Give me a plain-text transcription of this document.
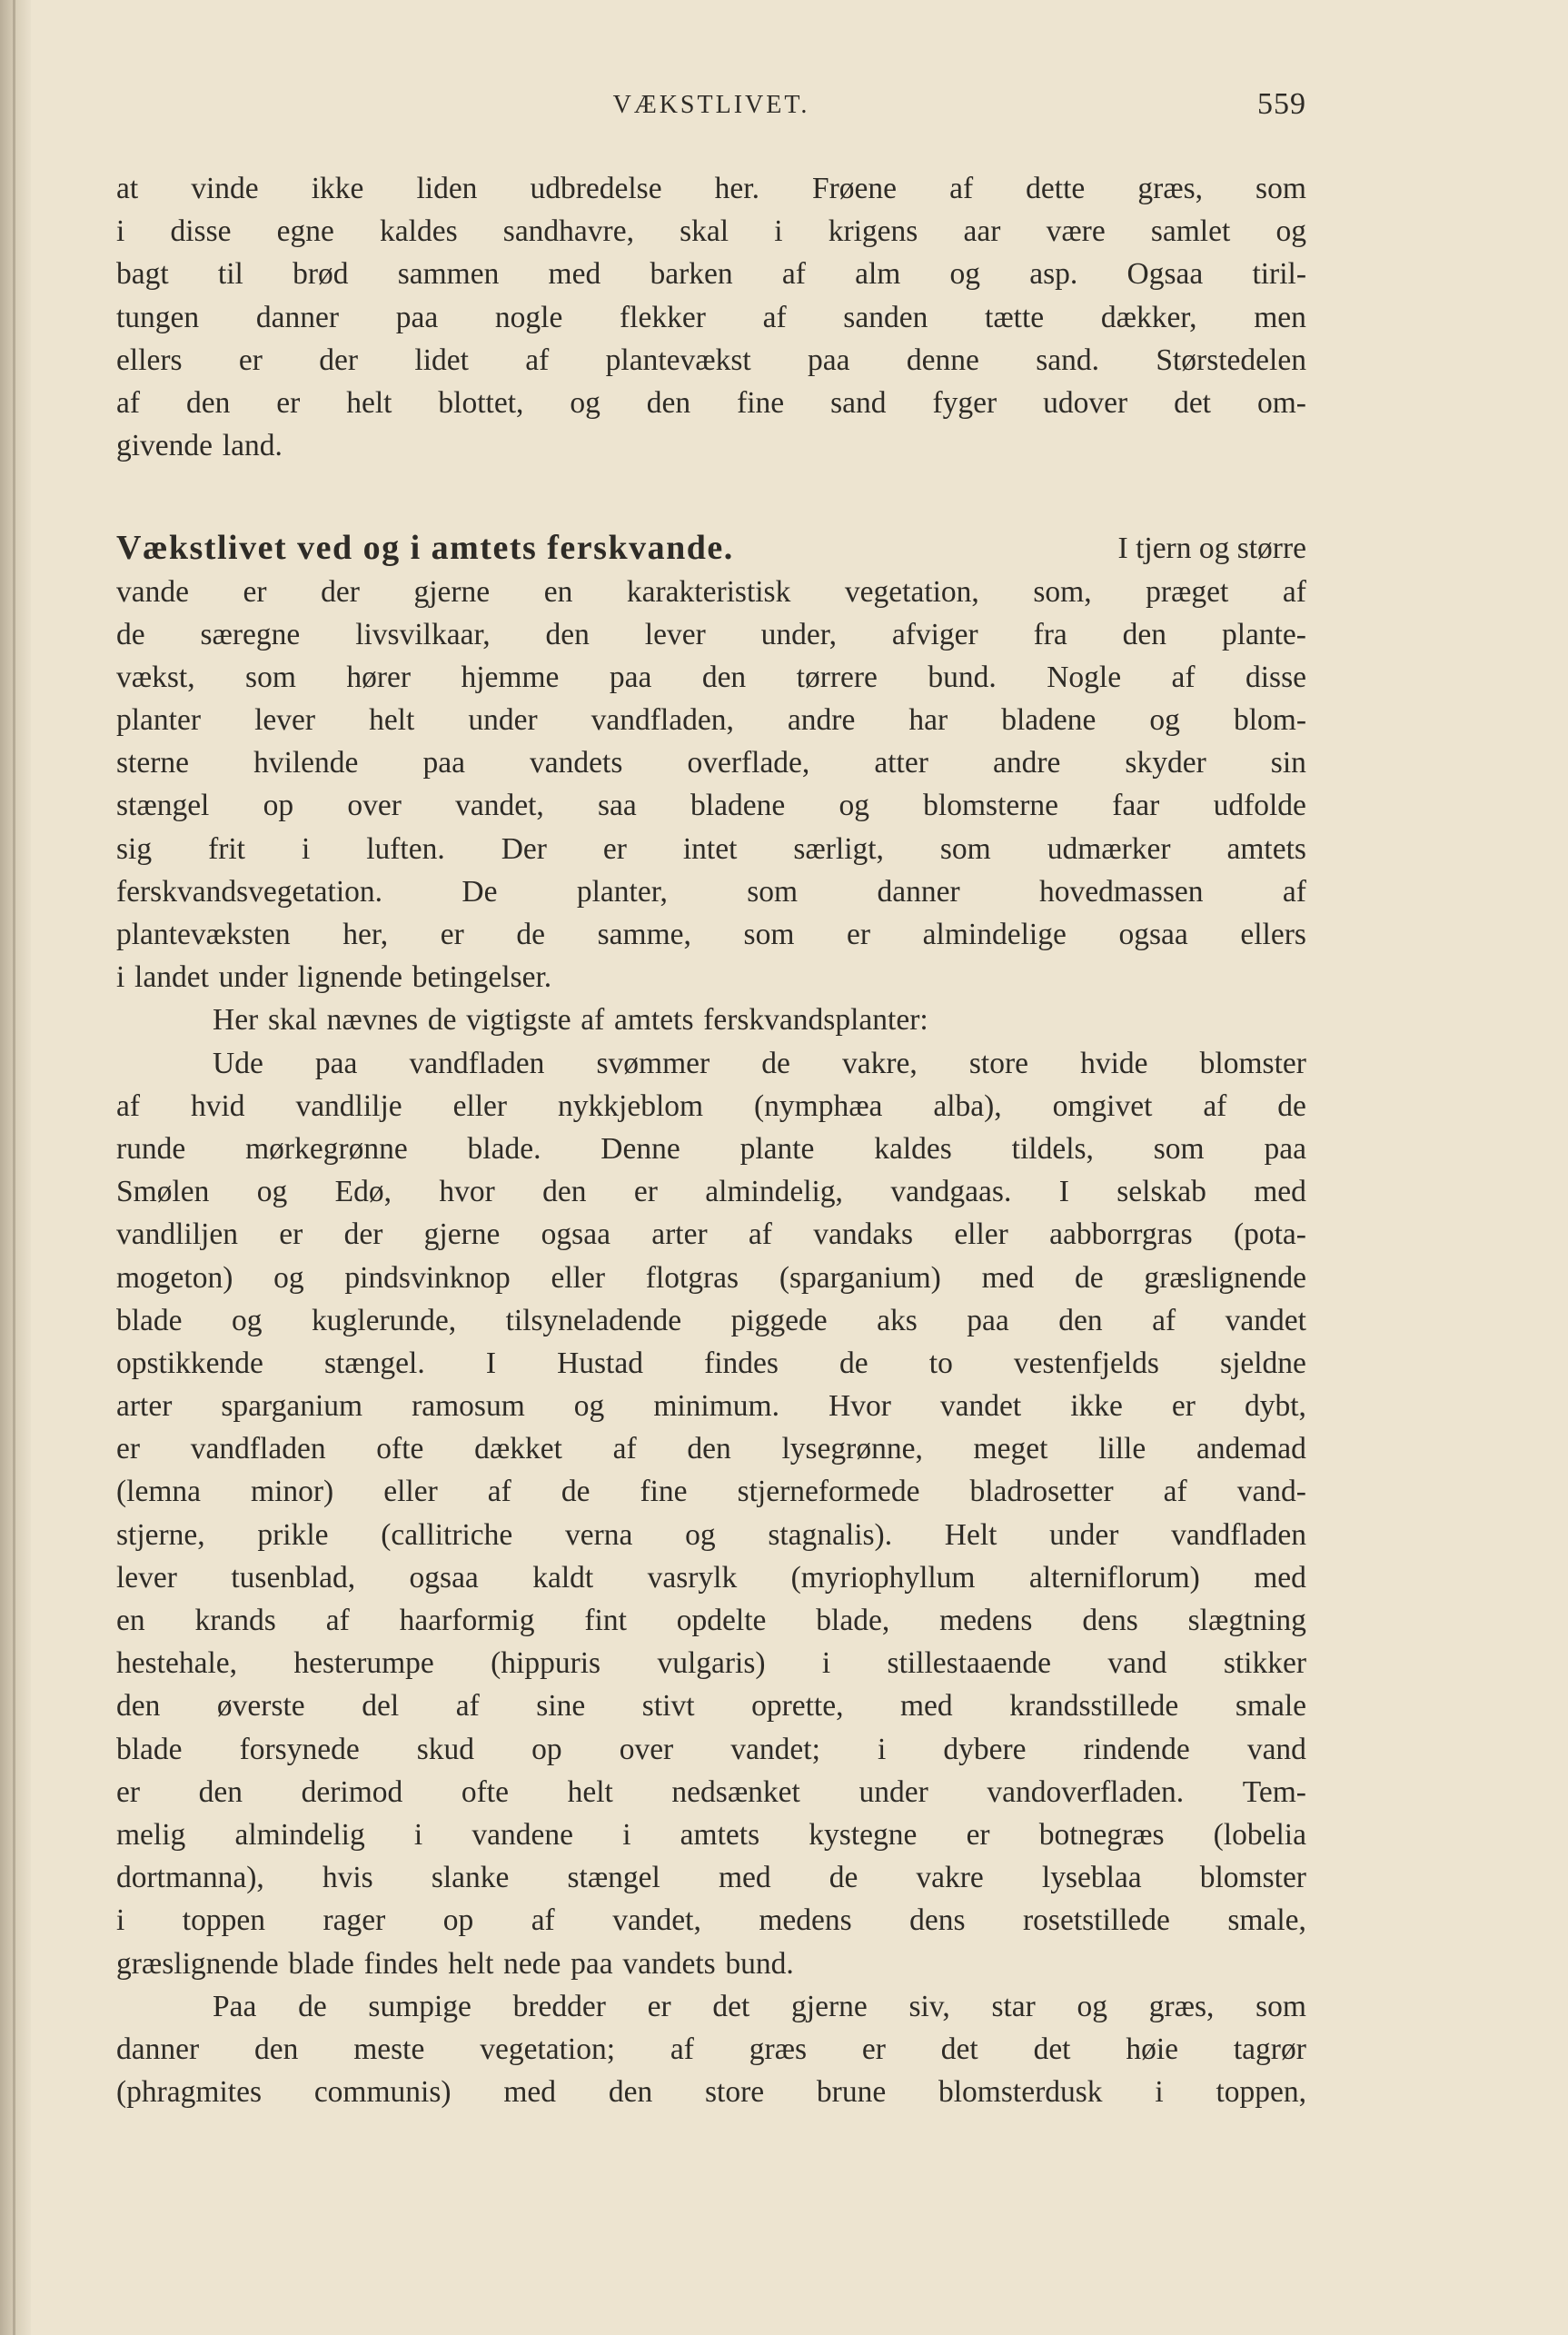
VÆKSTLIVET.	559
at vinde ikke liden udbredelse her. Frøene af dette græs, som
i disse egne kaldes sandhavre, skal i krigens aar være samlet og
bagt til brød sammen med barken af alm og asp. Ogsaa tiril-
tungen danner paa nogle flekker af sanden tætte dækker, men
ellers er der lidet af plantevækst paa denne sand. Størstedelen
af den er helt blottet, og den fine sand fyger udover det om-
givende land.
Vækstlivet ved og i amtets ferskvande.	I tjern og større
vande er der gjerne en karakteristisk vegetation, som, præget af
de særegne livsvilkaar, den lever under, afviger fra den plante-
vækst, som hører hjemme paa den tørrere bund. Nogle af disse
planter lever helt under vandfladen, andre har bladene og blom-
sterne hvilende paa vandets overflade, atter andre skyder sin
stængel op over vandet, saa bladene og blomsterne faar udfolde
sig frit i luften. Der er intet særligt, som udmærker amtets
ferskvandsvegetation.	De	planter,	som	danner	hovedmassen	af
plantevæksten her, er de samme, som er almindelige ogsaa ellers
i landet under lignende betingelser.
Her skal nævnes de vigtigste af amtets ferskvandsplanter:
Ude paa vandfladen svømmer de vakre, store hvide blomster
af hvid vandlilje eller nykkjeblom (nymphæa alba), omgivet af de
runde mørkegrønne blade. Denne plante kaldes tildels, som paa
Smølen og Edø, hvor den er almindelig, vandgaas. I selskab med
vandliljen er der gjerne ogsaa arter af vandaks eller aabborrgras (pota-
mogeton) og pindsvinknop eller flotgras (sparganium) med de græslignende
blade og kuglerunde, tilsyneladende piggede aks paa den af vandet
opstikkende stængel. I Hustad findes de to vestenfjelds sjeldne
arter sparganium ramosum og minimum. Hvor vandet ikke er dybt,
er vandfladen ofte dækket af den lysegrønne, meget lille andemad
(lemna minor) eller af de fine stjerneformede bladrosetter af vand-
stjerne, prikle (callitriche verna og stagnalis). Helt under vandfladen
lever tusenblad, ogsaa kaldt vasrylk (myriophyllum alterniflorum) med
en krands af haarformig fint opdelte blade, medens dens slægtning
hestehale, hesterumpe (hippuris vulgaris) i stillestaaende vand stikker
den øverste del af sine stivt oprette, med krandsstillede smale
blade forsynede skud op over vandet; i dybere rindende vand
er den derimod ofte helt nedsænket under vandoverfladen. Tem-
melig almindelig i vandene i amtets kystegne er botnegræs (lobelia
dortmanna), hvis slanke stængel med de vakre lyseblaa blomster
i toppen rager op af vandet, medens dens rosetstillede smale,
græslignende blade findes helt nede paa vandets bund.
Paa de sumpige bredder er det gjerne siv, star og græs, som
danner den meste vegetation; af græs er det det høie tagrør
(phragmites communis) med den store brune blomsterdusk i toppen,
